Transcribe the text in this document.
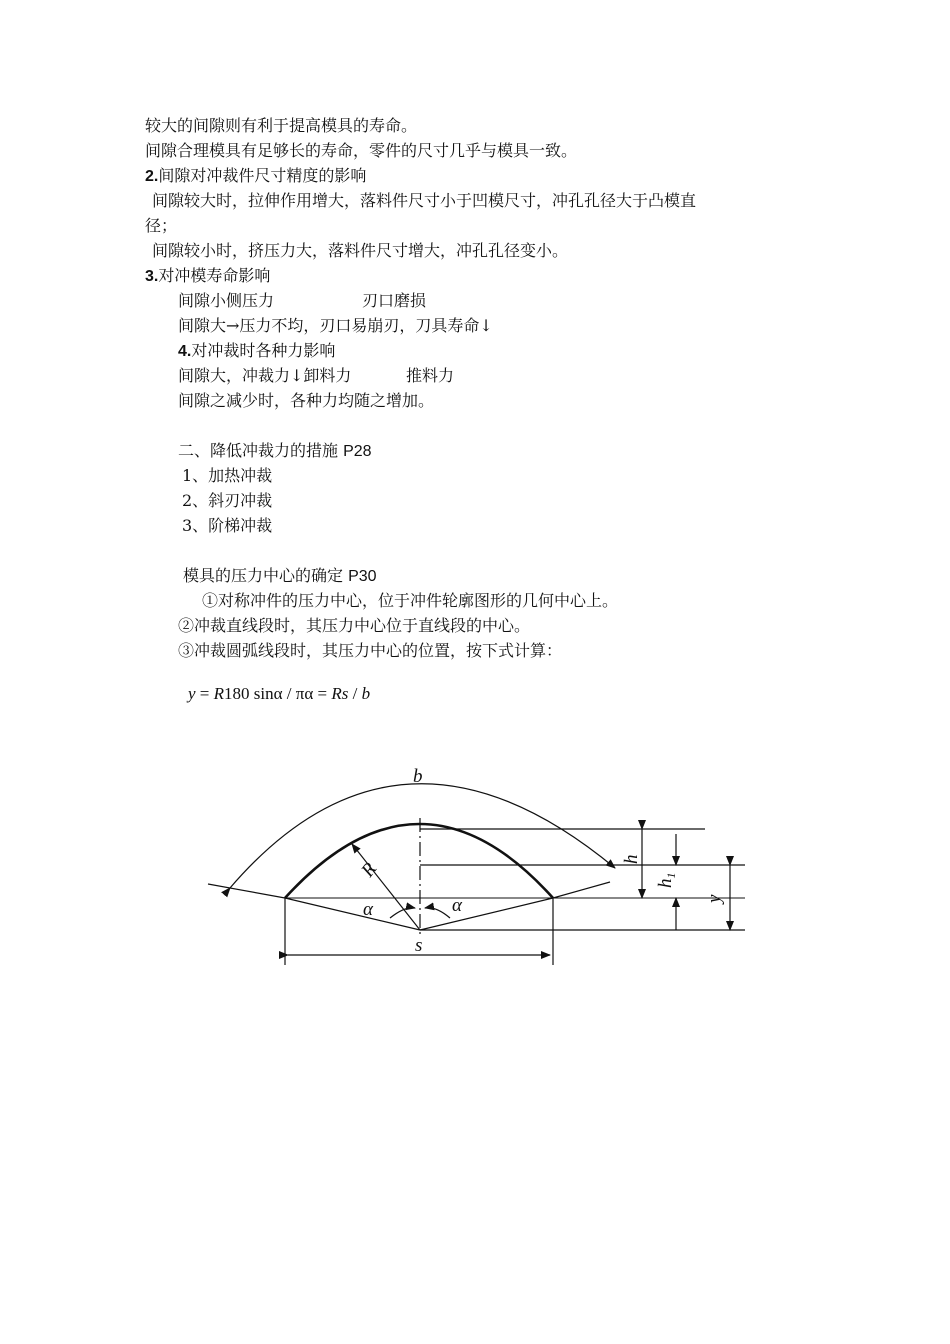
较大的间隙则有利于提高模具的寿命。
间隙合理模具有足够长的寿命，零件的尺寸几乎与模具一致。
2.间隙对冲裁件尺寸精度的影响
间隙较大时，拉伸作用增大，落料件尺寸小于凹模尺寸，冲孔孔径大于凸模直
径；
间隙较小时，挤压力大，落料件尺寸增大，冲孔孔径变小。
3.对冲模寿命影响
间隙小 侧压力	刃口磨损
间隙大→压力不均，刃口易崩刃，刀具寿命↓
4.对冲裁时各种力影响
间隙大，冲裁力↓卸料力	推料力
间隙之减少时，各种力均随之增加。
二、降低冲裁力的措施 P28
1、加热冲裁
2、斜刃冲裁
3、阶梯冲裁
模具的压力中心的确定 P30
①对称冲件的压力中心，位于冲件轮廓图形的几何中心上。
②冲裁直线段时，其压力中心位于直线段的中心。
③冲裁圆弧线段时，其压力中心的位置，按下式计算：
y = R180 sinα / πα = Rs / b
b
R	h
$h_1$
y
α	α
s
